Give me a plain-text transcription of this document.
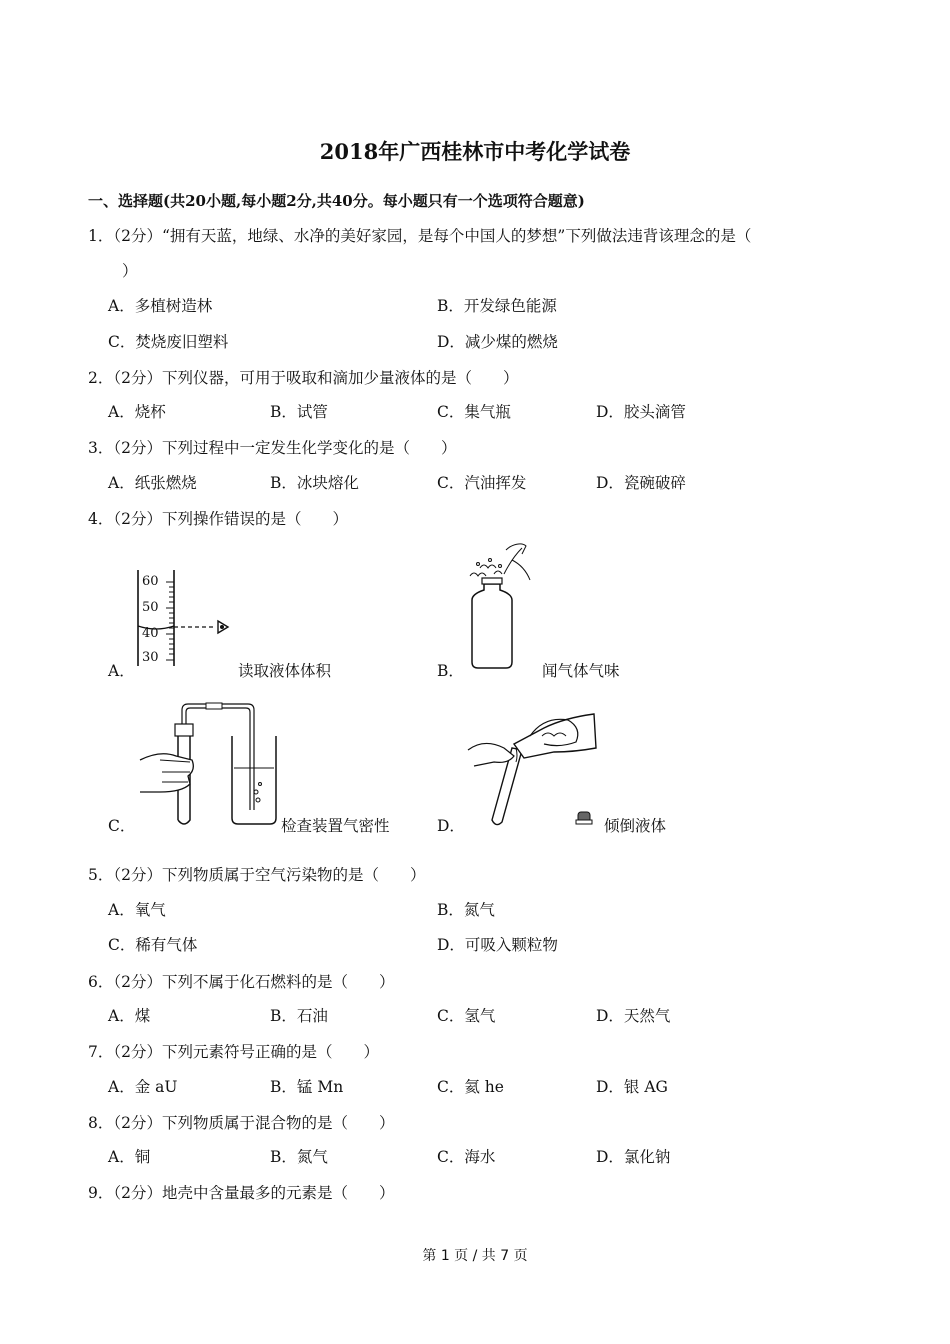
2018年广西桂林市中考化学试卷
一、选择题(共20小题,每小题2分,共40分。每小题只有一个选项符合题意)
1．（2分）“拥有天蓝，地绿、水净的美好家园，是每个中国人的梦想”下列做法违背该理念的是（
）
A．多植树造林	B．开发绿色能源
C．焚烧废旧塑料	D．减少煤的燃烧
2．（2分）下列仪器，可用于吸取和滴加少量液体的是（　　）
A．烧杯	B．试管	C．集气瓶	D．胶头滴管
3．（2分）下列过程中一定发生化学变化的是（　　）
A．纸张燃烧	B．冰块熔化	C．汽油挥发	D．瓷碗破碎
4．（2分）下列操作错误的是（　　）
A．
60
50
40
30
读取液体体积	B．	闻气体气味
C．	检查装置气密性	D．	倾倒液体
5．（2分）下列物质属于空气污染物的是（　　）
A．氧气	B．氮气
C．稀有气体	D．可吸入颗粒物
6．（2分）下列不属于化石燃料的是（　　）
A．煤	B．石油	C．氢气	D．天然气
7．（2分）下列元素符号正确的是（　　）
A．金 aU	B．锰 Mn	C．氦 he	D．银 AG
8．（2分）下列物质属于混合物的是（　　）
A．铜	B．氮气	C．海水	D．氯化钠
9．（2分）地壳中含量最多的元素是（　　）
第 1 页 / 共 7 页
